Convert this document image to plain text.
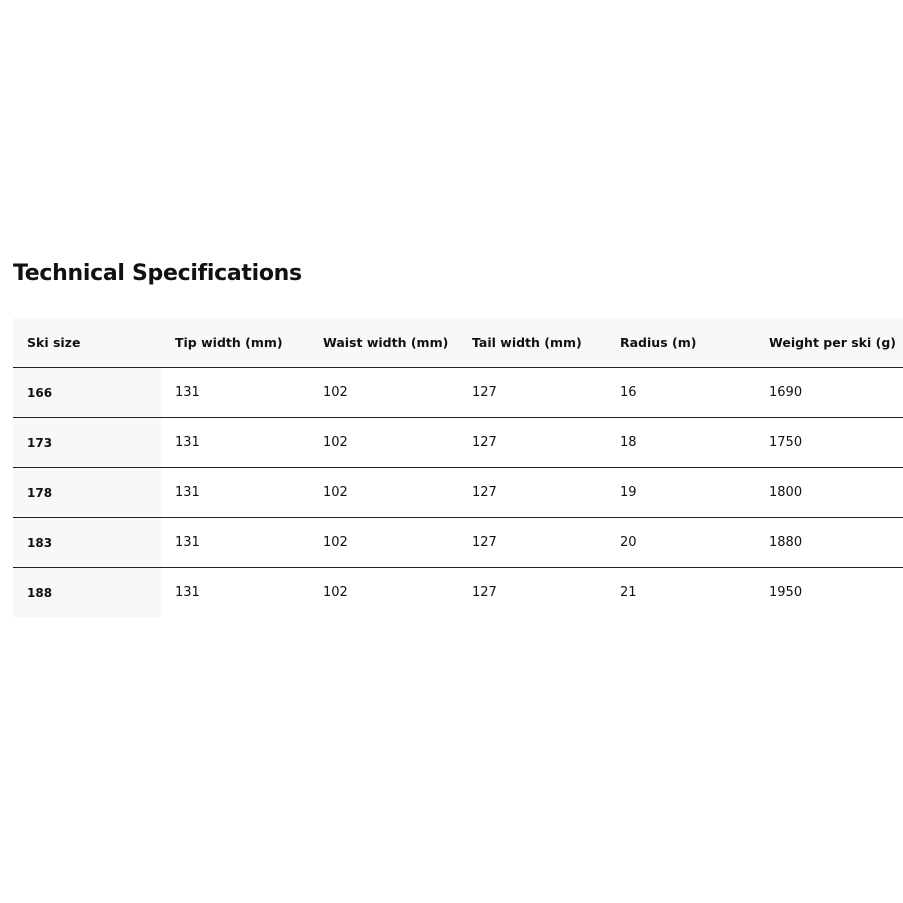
Technical Specifications
Ski size	Tip width (mm)	Waist width (mm)	Tail width (mm)	Radius (m)	Weight per ski (g)
166	131	102	127	16	1690
173	131	102	127	18	1750
178	131	102	127	19	1800
183	131	102	127	20	1880
188	131	102	127	21	1950
